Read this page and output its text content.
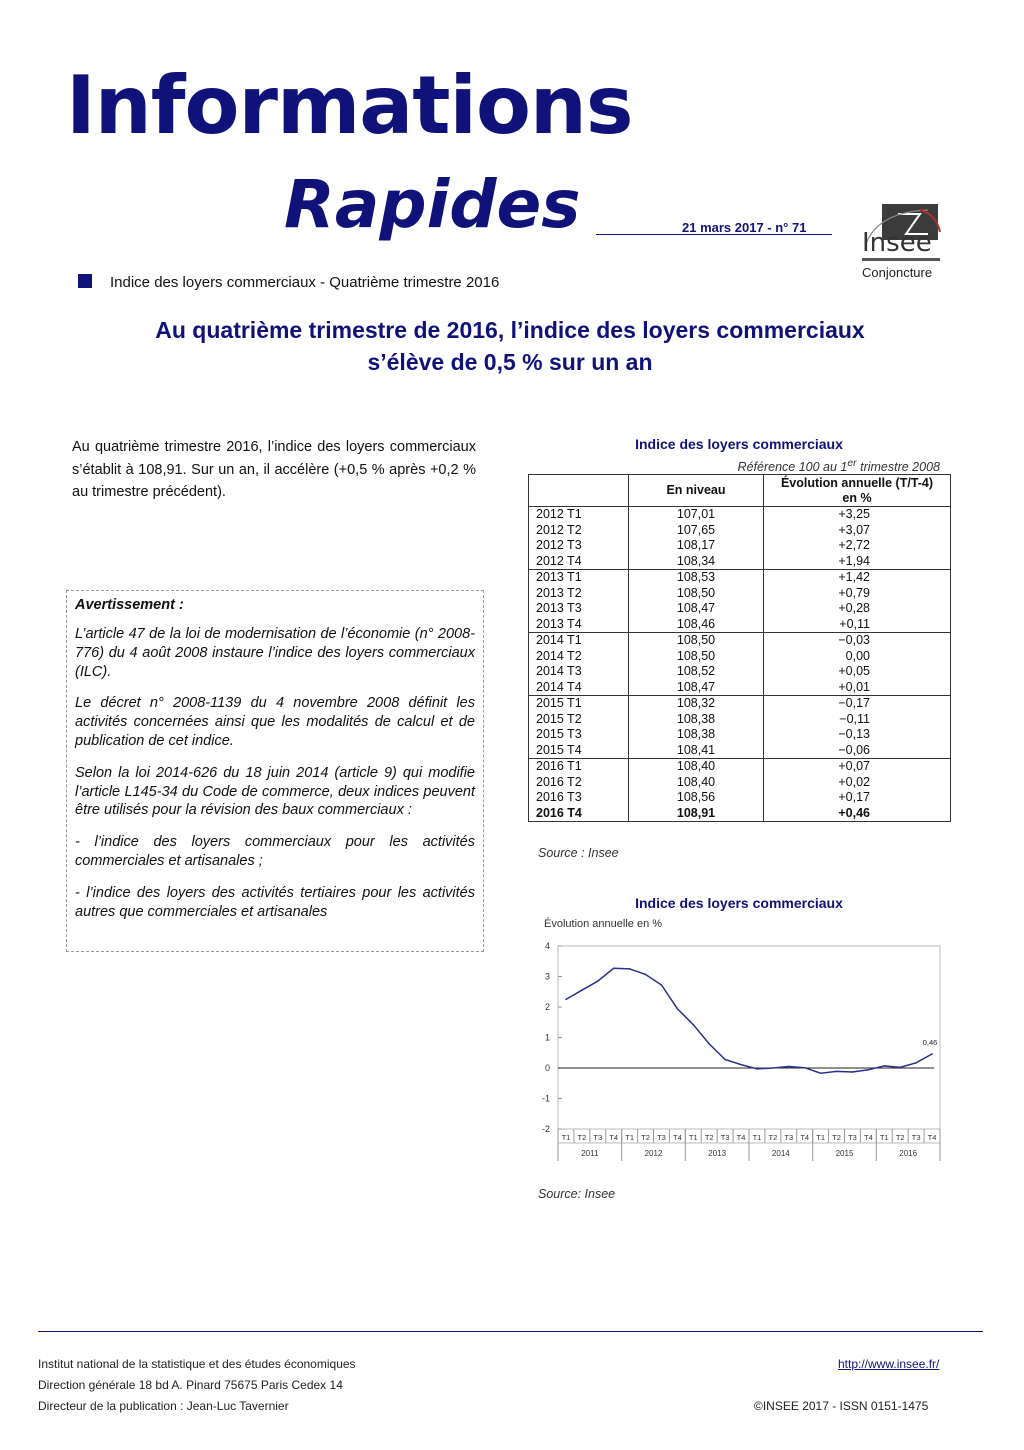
Informations
Rapides	21 mars 2017 - n° 71
Insee
Conjoncture
Indice des loyers commerciaux - Quatrième trimestre 2016
Au quatrième trimestre de 2016, l’indice des loyers commerciaux
s’élève de 0,5 % sur un an
Au quatrième trimestre 2016, l’indice des loyers commerciaux s’établit à 108,91. Sur un an, il accélère (+0,5 % après +0,2 % au trimestre précédent).
Avertissement :

L’article 47 de la loi de modernisation de l’économie (n° 2008-776) du 4 août 2008 instaure l’indice des loyers commerciaux (ILC).

Le décret n° 2008-1139 du 4 novembre 2008 définit les activités concernées ainsi que les modalités de calcul et de publication de cet indice.

Selon la loi 2014-626 du 18 juin 2014 (article 9) qui modifie l’article L145-34 du Code de commerce, deux indices peuvent être utilisés pour la révision des baux commerciaux :

- l’indice des loyers commerciaux pour les activités commerciales et artisanales ;

- l’indice des loyers des activités tertiaires pour les activités autres que commerciales et artisanales

Indice des loyers commerciaux
Référence 100 au 1er trimestre 2008
	En niveau	Évolution annuelle (T/T-4)
en %
2012 T1	107,01	+3,25
2012 T2	107,65	+3,07
2012 T3	108,17	+2,72
2012 T4	108,34	+1,94
2013 T1	108,53	+1,42
2013 T2	108,50	+0,79
2013 T3	108,47	+0,28
2013 T4	108,46	+0,11
2014 T1	108,50	−0,03
2014 T2	108,50	0,00
2014 T3	108,52	+0,05
2014 T4	108,47	+0,01
2015 T1	108,32	−0,17
2015 T2	108,38	−0,11
2015 T3	108,38	−0,13
2015 T4	108,41	−0,06
2016 T1	108,40	+0,07
2016 T2	108,40	+0,02
2016 T3	108,56	+0,17
2016 T4	108,91	+0,46
Source : Insee
Indice des loyers commerciaux
Évolution annuelle en %
4
3
2
1
0
-1
-2
T1 T2 T3 T4 T1 T2 T3 T4 T1 T2 T3 T4 T1 T2 T3 T4 T1 T2 T3 T4 T1 T2 T3 T4
2011	2012	2013	2014	2015	2016
0,46
Source: Insee
Institut national de la statistique et des études économiques
Direction générale 18 bd A. Pinard 75675 Paris Cedex 14
Directeur de la publication : Jean-Luc Tavernier
http://www.insee.fr/
©INSEE 2017 - ISSN 0151-1475
